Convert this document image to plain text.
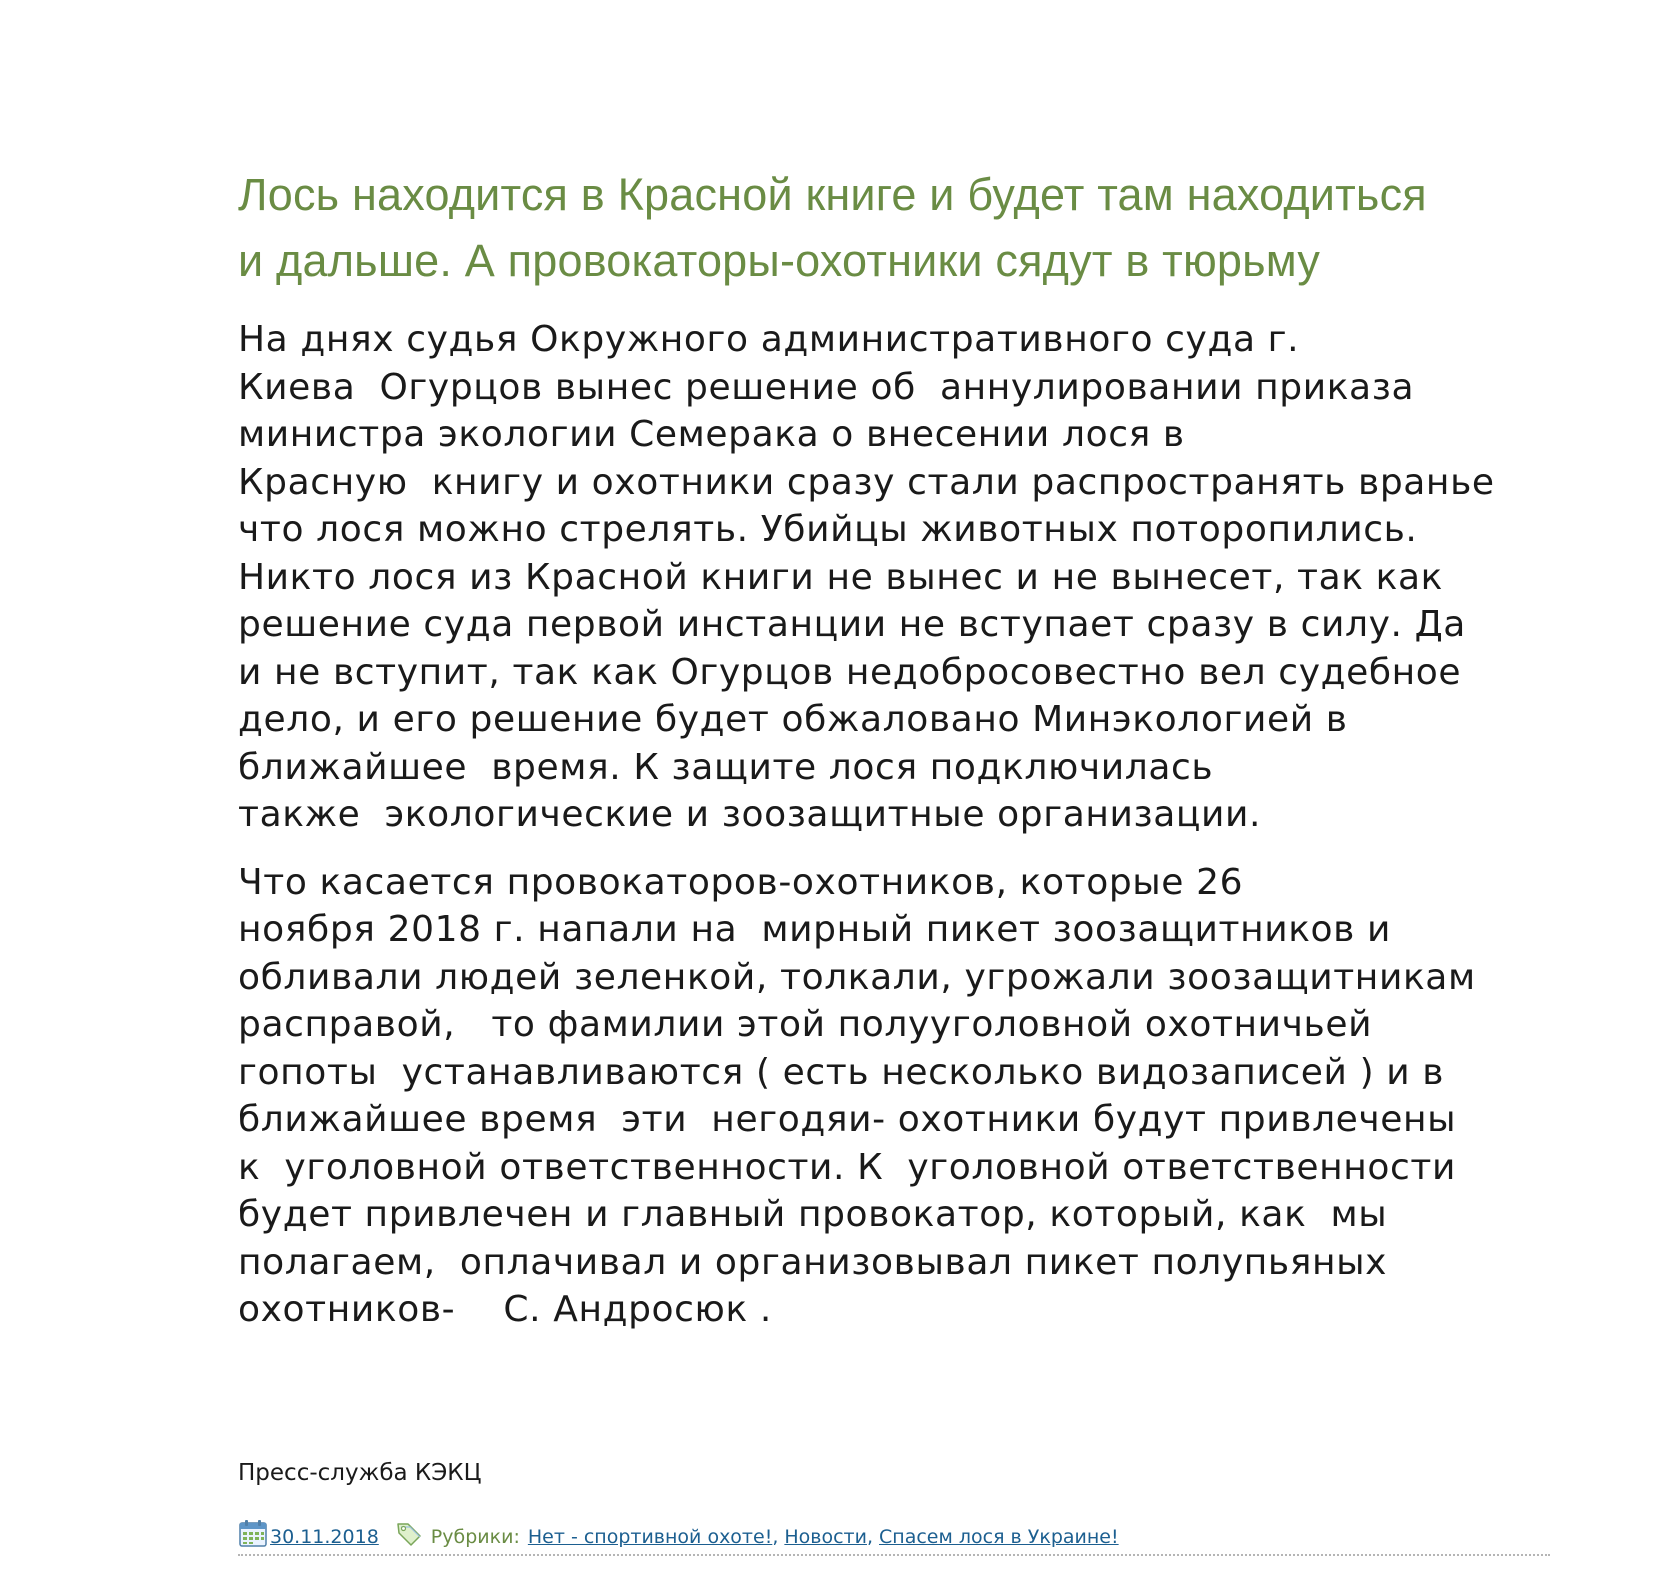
Лось находится в Красной книге и будет там находиться
и дальше. А провокаторы-охотники сядут в тюрьму

На днях судья Окружного административного суда г.
Киева  Огурцов вынес решение об  аннулировании приказа
министра экологии Семерака о внесении лося в
Красную  книгу и охотники сразу стали распространять вранье
что лося можно стрелять. Убийцы животных поторопились.
Никто лося из Красной книги не вынес и не вынесет, так как
решение суда первой инстанции не вступает сразу в силу. Да
и не вступит, так как Огурцов недобросовестно вел судебное
дело, и его решение будет обжаловано Минэкологией в
ближайшее  время. К защите лося подключилась
также  экологические и зоозащитные организации.

Что касается провокаторов-охотников, которые 26
ноября 2018 г. напали на  мирный пикет зоозащитников и
обливали людей зеленкой, толкали, угрожали зоозащитникам
расправой,   то фамилии этой полууголовной охотничьей
гопоты  устанавливаются ( есть несколько видозаписей ) и в
ближайшее время  эти  негодяи- охотники будут привлечены
к  уголовной ответственности. К  уголовной ответственности
будет привлечен и главный провокатор, который, как  мы
полагаем,  оплачивал и организовывал пикет полупьяных
охотников-    С. Андросюк .

Пресс-служба КЭКЦ
30.11.2018	Рубрики: Нет - спортивной охоте! , Новости , Спасем лося в Украине!
